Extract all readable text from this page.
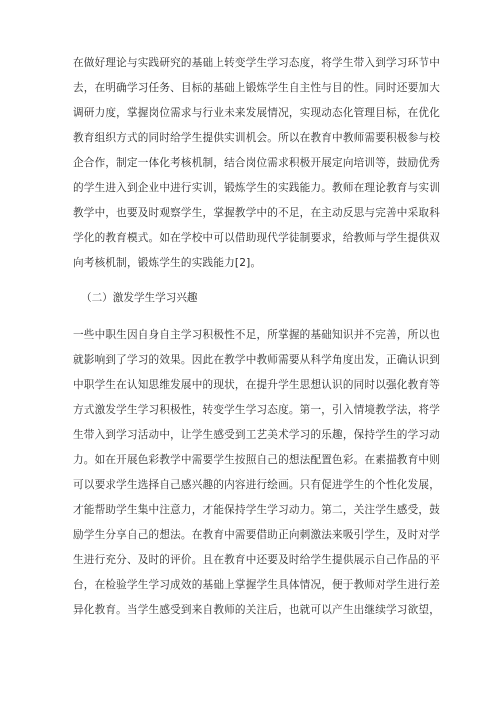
在做好理论与实践研究的基础上转变学生学习态度，将学生带入到学习环节中
去，在明确学习任务、目标的基础上锻炼学生自主性与目的性。同时还要加大
调研力度，掌握岗位需求与行业未来发展情况，实现动态化管理目标，在优化
教育组织方式的同时给学生提供实训机会。所以在教育中教师需要积极参与校
企合作，制定一体化考核机制，结合岗位需求积极开展定向培训等，鼓励优秀
的学生进入到企业中进行实训，锻炼学生的实践能力。教师在理论教育与实训
教学中，也要及时观察学生，掌握教学中的不足，在主动反思与完善中采取科
学化的教育模式。如在学校中可以借助现代学徒制要求，给教师与学生提供双
向考核机制，锻炼学生的实践能力[2]。
（二）激发学生学习兴趣
一些中职生因自身自主学习积极性不足，所掌握的基础知识并不完善，所以也
就影响到了学习的效果。因此在教学中教师需要从科学角度出发，正确认识到
中职学生在认知思维发展中的现状，在提升学生思想认识的同时以强化教育等
方式激发学生学习积极性，转变学生学习态度。第一，引入情境教学法，将学
生带入到学习活动中，让学生感受到工艺美术学习的乐趣，保持学生的学习动
力。如在开展色彩教学中需要学生按照自己的想法配置色彩。在素描教育中则
可以要求学生选择自己感兴趣的内容进行绘画。只有促进学生的个性化发展，
才能帮助学生集中注意力，才能保持学生学习动力。第二，关注学生感受，鼓
励学生分享自己的想法。在教育中需要借助正向刺激法来吸引学生，及时对学
生进行充分、及时的评价。且在教育中还要及时给学生提供展示自己作品的平
台，在检验学生学习成效的基础上掌握学生具体情况，便于教师对学生进行差
异化教育。当学生感受到来自教师的关注后，也就可以产生出继续学习欲望，
